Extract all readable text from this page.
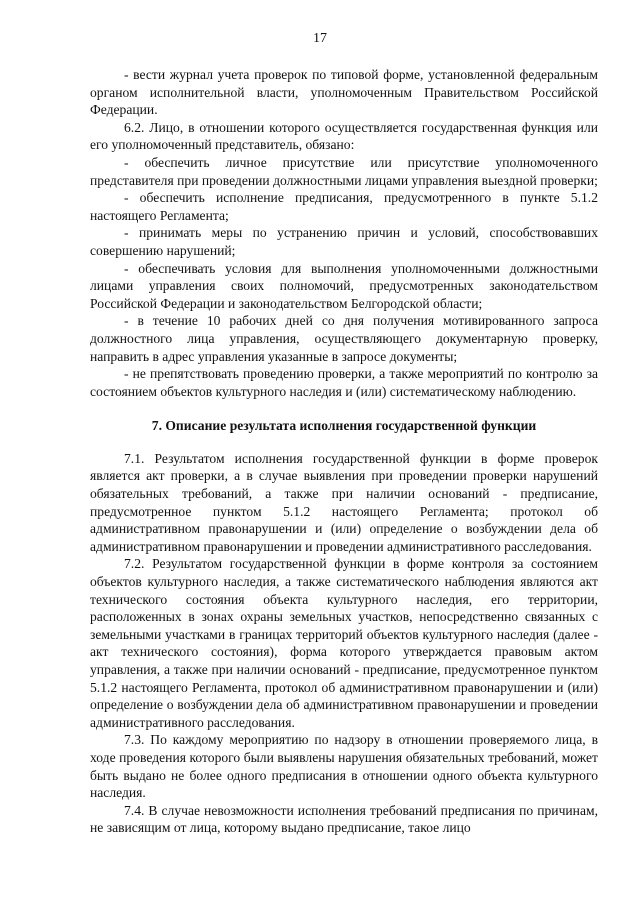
17

- вести журнал учета проверок по типовой форме, установленной федеральным органом исполнительной власти, уполномоченным Правительством Российской Федерации.

6.2. Лицо, в отношении которого осуществляется государственная функция или его уполномоченный представитель, обязано:

- обеспечить личное присутствие или присутствие уполномоченного представителя при проведении должностными лицами управления выездной проверки;

- обеспечить исполнение предписания, предусмотренного в пункте 5.1.2 настоящего Регламента;

- принимать меры по устранению причин и условий, способствовавших совершению нарушений;

- обеспечивать условия для выполнения уполномоченными должностными лицами управления своих полномочий, предусмотренных законодательством Российской Федерации и законодательством Белгородской области;

- в течение 10 рабочих дней со дня получения мотивированного запроса должностного лица управления, осуществляющего документарную проверку, направить в адрес управления указанные в запросе документы;

- не препятствовать проведению проверки, а также мероприятий по контролю за состоянием объектов культурного наследия и (или) систематическому наблюдению.

7. Описание результата исполнения государственной функции

7.1. Результатом исполнения государственной функции в форме проверок является акт проверки, а в случае выявления при проведении проверки нарушений обязательных требований, а также при наличии оснований - предписание, предусмотренное пунктом 5.1.2 настоящего Регламента; протокол об административном правонарушении и (или) определение о возбуждении дела об административном правонарушении и проведении административного расследования.

7.2. Результатом государственной функции в форме контроля за состоянием объектов культурного наследия, а также систематического наблюдения являются акт технического состояния объекта культурного наследия, его территории, расположенных в зонах охраны земельных участков, непосредственно связанных с земельными участками в границах территорий объектов культурного наследия (далее - акт технического состояния), форма которого утверждается правовым актом управления, а также при наличии оснований - предписание, предусмотренное пунктом 5.1.2 настоящего Регламента, протокол об административном правонарушении и (или) определение о возбуждении дела об административном правонарушении и проведении административного расследования.

7.3. По каждому мероприятию по надзору в отношении проверяемого лица, в ходе проведения которого были выявлены нарушения обязательных требований, может быть выдано не более одного предписания в отношении одного объекта культурного наследия.

7.4. В случае невозможности исполнения требований предписания по причинам, не зависящим от лица, которому выдано предписание, такое лицо
